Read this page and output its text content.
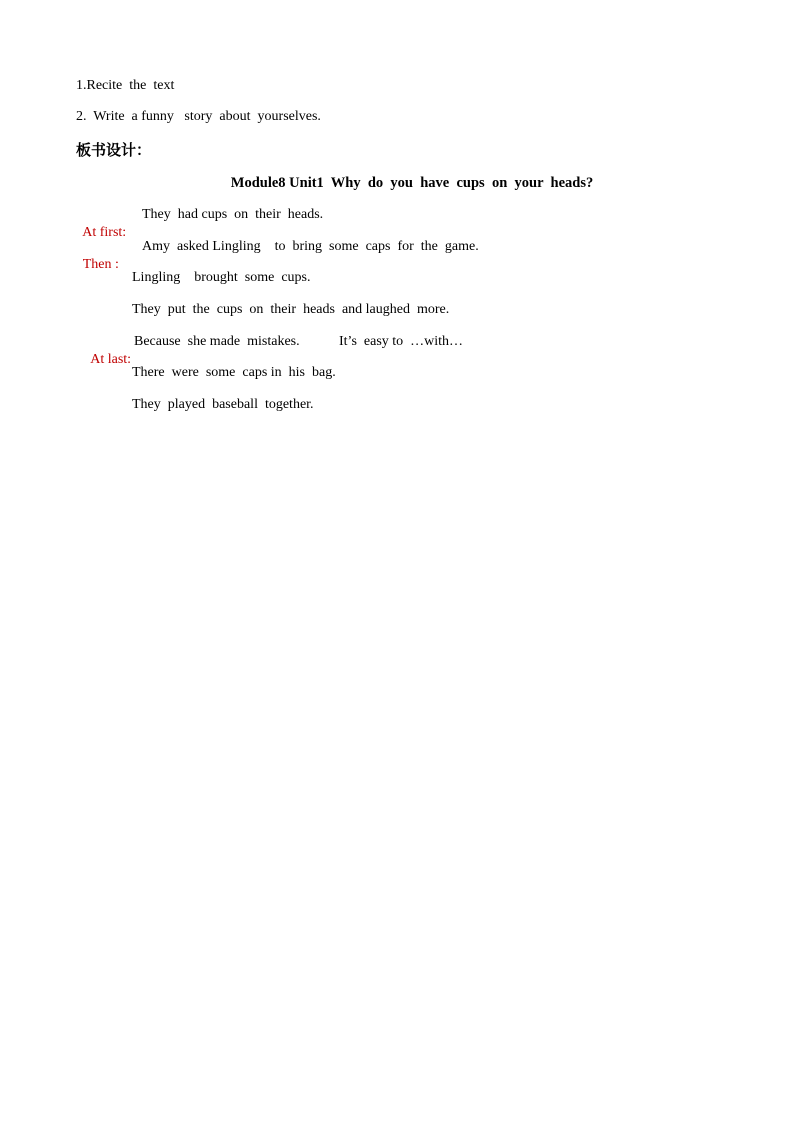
1.Recite  the  text
2.  Write  a funny   story  about  yourselves.
板书设计：
Module8 Unit1  Why  do  you  have  cups  on  your  heads?

At first:

They  had cups  on  their  heads.

Then :

Amy  asked Lingling    to  bring  some  caps  for  the  game.
Lingling    brought  some  cups.
They  put  the  cups  on  their  heads  and laughed  more.

At last:

Because  she made  mistakes.	It’s  easy to  …with…
There  were  some  caps in  his  bag.
They  played  baseball  together.
